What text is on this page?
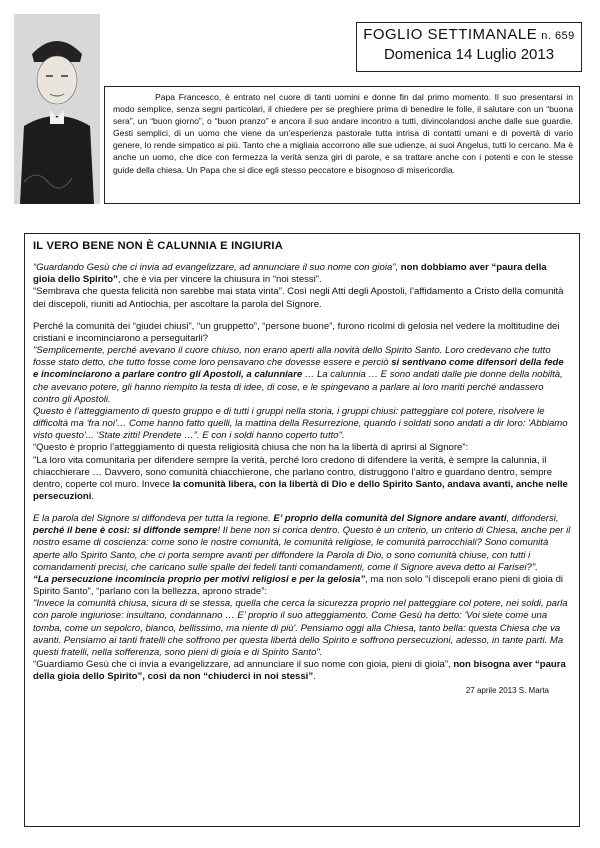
FOGLIO SETTIMANALE n. 659
Domenica 14 Luglio 2013

Papa Francesco, è entrato nel cuore di tanti uomini e donne fin dal primo momento. Il suo presentarsi in modo semplice, senza segni particolari, il chiedere per se preghiere prima di benedire le folle, il salutare con un “buona sera”, un “buon giorno”, o “buon pranzo” e ancora il suo andare incontro a tutti, divincolandosi anche dalle sue guardie. Gesti semplici, di un uomo che viene da un’esperienza pastorale tutta intrisa di contatti umani e di povertà di vario genere, lo rende simpatico ai più. Tanto che a migliaia accorrono alle sue udienze, ai suoi Angelus, tutti lo cercano. Ma è anche un uomo, che dice con fermezza la verità senza giri di parole, e sa trattare anche con i potenti e con le stesse guide della chiesa. Un Papa che si dice egli stesso peccatore e bisognoso di misericordia.

IL VERO BENE NON È CALUNNIA E INGIURIA

“Guardando Gesù che ci invia ad evangelizzare, ad annunciare il suo nome con gioia”, non dobbiamo aver “paura della gioia dello Spirito”, che è via per vincere la chiusura in “noi stessi”.

“Sembrava che questa felicità non sarebbe mai stata vinta”. Così negli Atti degli Apostoli, l’affidamento a Cristo della comunità dei discepoli, riuniti ad Antiochia, per ascoltare la parola del Signore.

Perché la comunità dei “giudei chiusi”, “un gruppetto”, “persone buone”, furono ricolmi di gelosia nel vedere la moltitudine dei cristiani e incominciarono a perseguitarli?

"Semplicemente, perché avevano il cuore chiuso, non erano aperti alla novità dello Spirito Santo. Loro credevano che tutto fosse stato detto, che tutto fosse come loro pensavano che dovesse essere e perciò si sentivano come difensori della fede e incominciarono a parlare contro gli Apostoli, a calunniare … La calunnia … E sono andati dalle pie donne della nobiltà, che avevano potere, gli hanno riempito la testa di idee, di cose, e le spingevano a parlare ai loro mariti perché andassero contro gli Apostoli.

Questo è l’atteggiamento di questo gruppo e di tutti i gruppi nella storia, i gruppi chiusi: patteggiare col potere, risolvere le difficoltà ma 'fra noi'… Come hanno fatto quelli, la mattina della Resurrezione, quando i soldati sono andati a dir loro: 'Abbiamo visto questo'... 'State zitti! Prendete …”. E con i soldi hanno coperto tutto".

“Questo è proprio l’atteggiamento di questa religiosità chiusa che non ha la libertà di aprirsi al Signore”:

"La loro vita comunitaria per difendere sempre la verità, perché loro credono di difendere la verità, è sempre la calunnia, il chiacchierare … Davvero, sono comunità chiacchierone, che parlano contro, distruggono l’altro e guardano dentro, sempre dentro, coperte col muro. Invece la comunità libera, con la libertà di Dio e dello Spirito Santo, andava avanti, anche nelle persecuzioni.

E la parola del Signore si diffondeva per tutta la regione. E’ proprio della comunità del Signore andare avanti, diffondersi, perché il bene è così: si diffonde sempre! Il bene non si corica dentro. Questo è un criterio, un criterio di Chiesa, anche per il nostro esame di coscienza: come sono le nostre comunità, le comunità religiose, le comunità parrocchiali? Sono comunità aperte allo Spirito Santo, che ci porta sempre avanti per diffondere la Parola di Dio, o sono comunità chiuse, con tutti i comandamenti precisi, che caricano sulle spalle dei fedeli tanti comandamenti, come il Signore aveva detto ai Farisei?".

“La persecuzione incomincia proprio per motivi religiosi e per la gelosia”, ma non solo “i discepoli erano pieni di gioia di Spirito Santo”, “parlano con la bellezza, aprono strade”:

"Invece la comunità chiusa, sicura di se stessa, quella che cerca la sicurezza proprio nel patteggiare col potere, nei soldi, parla con parole ingiuriose: insultano, condannano … E’ proprio il suo atteggiamento. Come Gesù ha detto: 'Voi siete come una tomba, come un sepolcro, bianco, bellissimo, ma niente di più'. Pensiamo oggi alla Chiesa, tanto bella: questa Chiesa che va avanti. Pensiamo ai tanti fratelli che soffrono per questa libertà dello Spirito e soffrono persecuzioni, adesso, in tante parti. Ma questi fratelli, nella sofferenza, sono pieni di gioia e di Spirito Santo".

“Guardiamo Gesù che ci invia a evangelizzare, ad annunciare il suo nome con gioia, pieni di gioia”, non bisogna aver “paura della gioia dello Spirito”, così da non “chiuderci in noi stessi”.

27 aprile 2013 S. Marta
